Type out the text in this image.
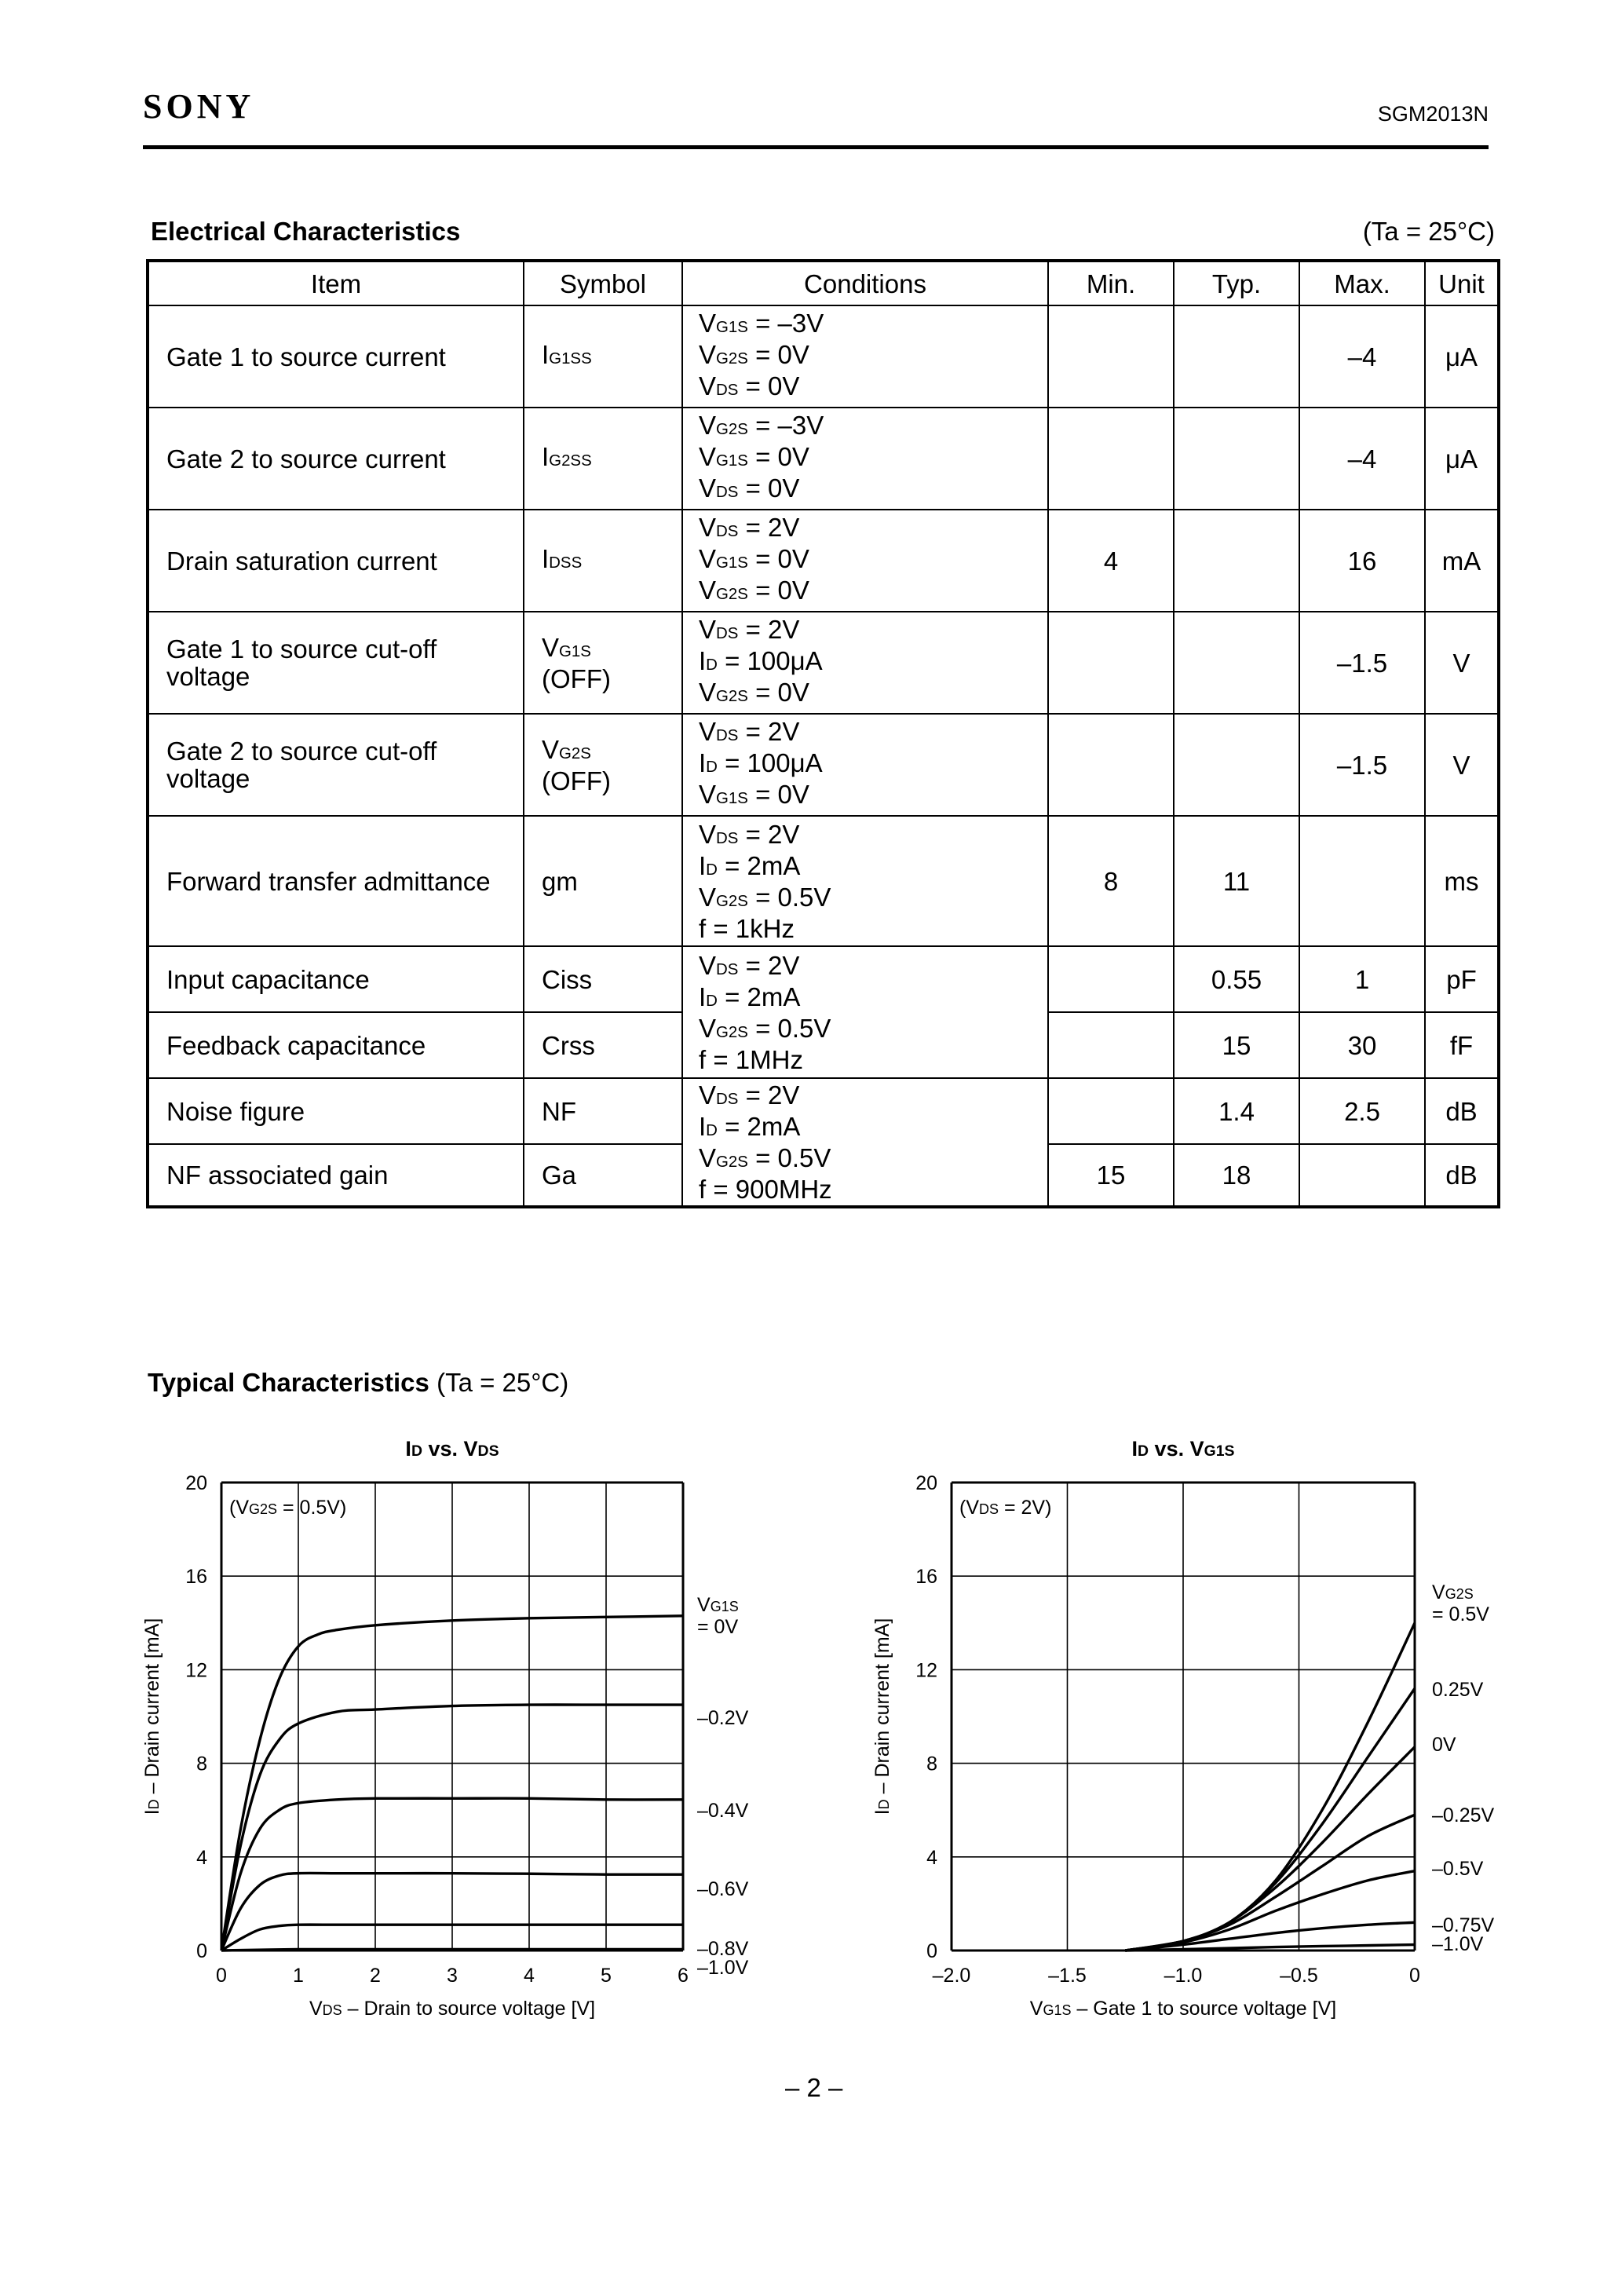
SONY	SGM2013N
Electrical Characteristics	(Ta = 25°C)
Item	Symbol	Conditions	Min.	Typ.	Max.	Unit
Gate 1 to source current	IG1SS	VG1S = –3V
VG2S = 0V
VDS = 0V			–4	μA
Gate 2 to source current	IG2SS	VG2S = –3V
VG1S = 0V
VDS = 0V			–4	μA
Drain saturation current	IDSS	VDS = 2V
VG1S = 0V
VG2S = 0V	4		16	mA
Gate 1 to source cut-off voltage	VG1S
(OFF)	VDS = 2V
ID = 100μA
VG2S = 0V			–1.5	V
Gate 2 to source cut-off voltage	VG2S
(OFF)	VDS = 2V
ID = 100μA
VG1S = 0V			–1.5	V
Forward transfer admittance	gm	VDS = 2V
ID = 2mA
VG2S = 0.5V
f = 1kHz	8	11		ms
Input capacitance	Ciss	VDS = 2V
ID = 2mA
VG2S = 0.5V
f = 1MHz		0.55	1	pF
Feedback capacitance	Crss			15	30	fF
Noise figure	NF	VDS = 2V
ID = 2mA
VG2S = 0.5V
f = 900MHz		1.4	2.5	dB
NF associated gain	Ga		15	18		dB
Typical Characteristics (Ta = 25°C)
ID vs. VDS
0	1	2	3	4	5	6
0
4
8
12
16
20
VDS – Drain to source voltage [V]
ID – Drain current [mA]
(VG2S = 0.5V)
VG1S
= 0V
–0.2V
–0.4V
–0.6V
–0.8V
–1.0V
ID vs. VG1S
–2.0	–1.5	–1.0	–0.5	0
0
4
8
12
16
20
VG1S – Gate 1 to source voltage [V]
ID – Drain current [mA]
(VDS = 2V)
VG2S
= 0.5V
0.25V
0V
–0.25V
–0.5V
–0.75V
–1.0V
– 2 –
